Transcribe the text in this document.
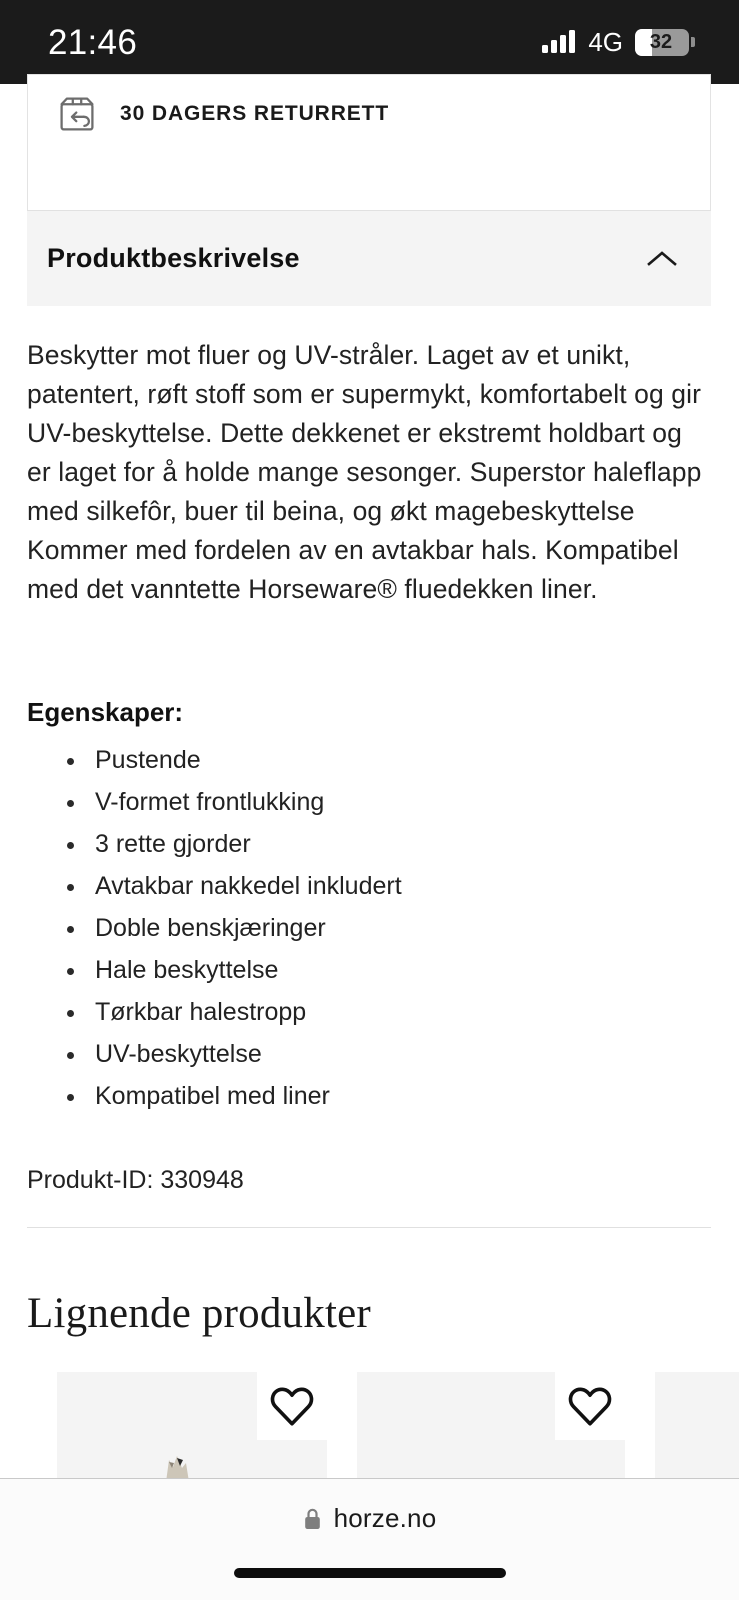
21:46	4G	32
30 DAGERS RETURRETT
Produktbeskrivelse

Beskytter mot fluer og UV-stråler. Laget av et unikt, patentert, røft stoff som er supermykt, komfortabelt og gir UV-beskyttelse. Dette dekkenet er ekstremt holdbart og er laget for å holde mange sesonger. Superstor haleflapp med silkefôr, buer til beina, og økt magebeskyttelse Kommer med fordelen av en avtakbar hals. Kompatibel med det vanntette Horseware® fluedekken liner.

Egenskaper:
Pustende
V-formet frontlukking
3 rette gjorder
Avtakbar nakkedel inkludert
Doble benskjæringer
Hale beskyttelse
Tørkbar halestropp
UV-beskyttelse
Kompatibel med liner
Produkt-ID: 330948
Lignende produkter
horze.no
